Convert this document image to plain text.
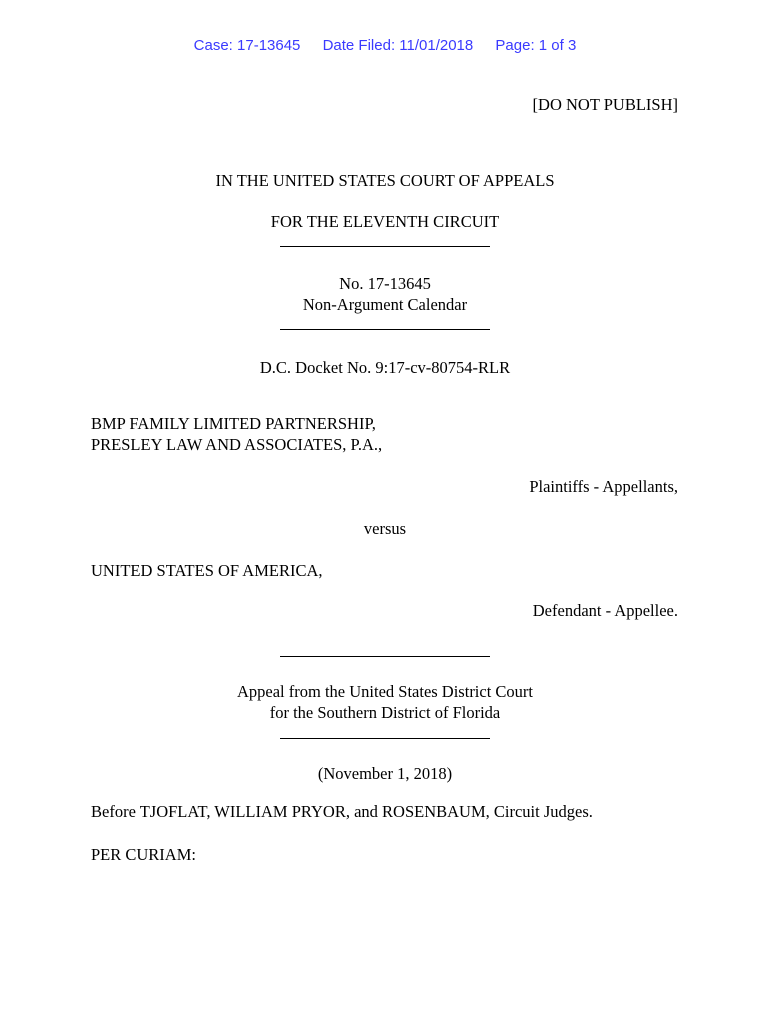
Case: 17-13645 Date Filed: 11/01/2018 Page: 1 of 3
[DO NOT PUBLISH]
IN THE UNITED STATES COURT OF APPEALS
FOR THE ELEVENTH CIRCUIT
No. 17-13645
Non-Argument Calendar
D.C. Docket No. 9:17-cv-80754-RLR
BMP FAMILY LIMITED PARTNERSHIP,
PRESLEY LAW AND ASSOCIATES, P.A.,
Plaintiffs - Appellants,
versus
UNITED STATES OF AMERICA,
Defendant - Appellee.
Appeal from the United States District Court
for the Southern District of Florida
(November 1, 2018)
Before TJOFLAT, WILLIAM PRYOR, and ROSENBAUM, Circuit Judges.
PER CURIAM:
